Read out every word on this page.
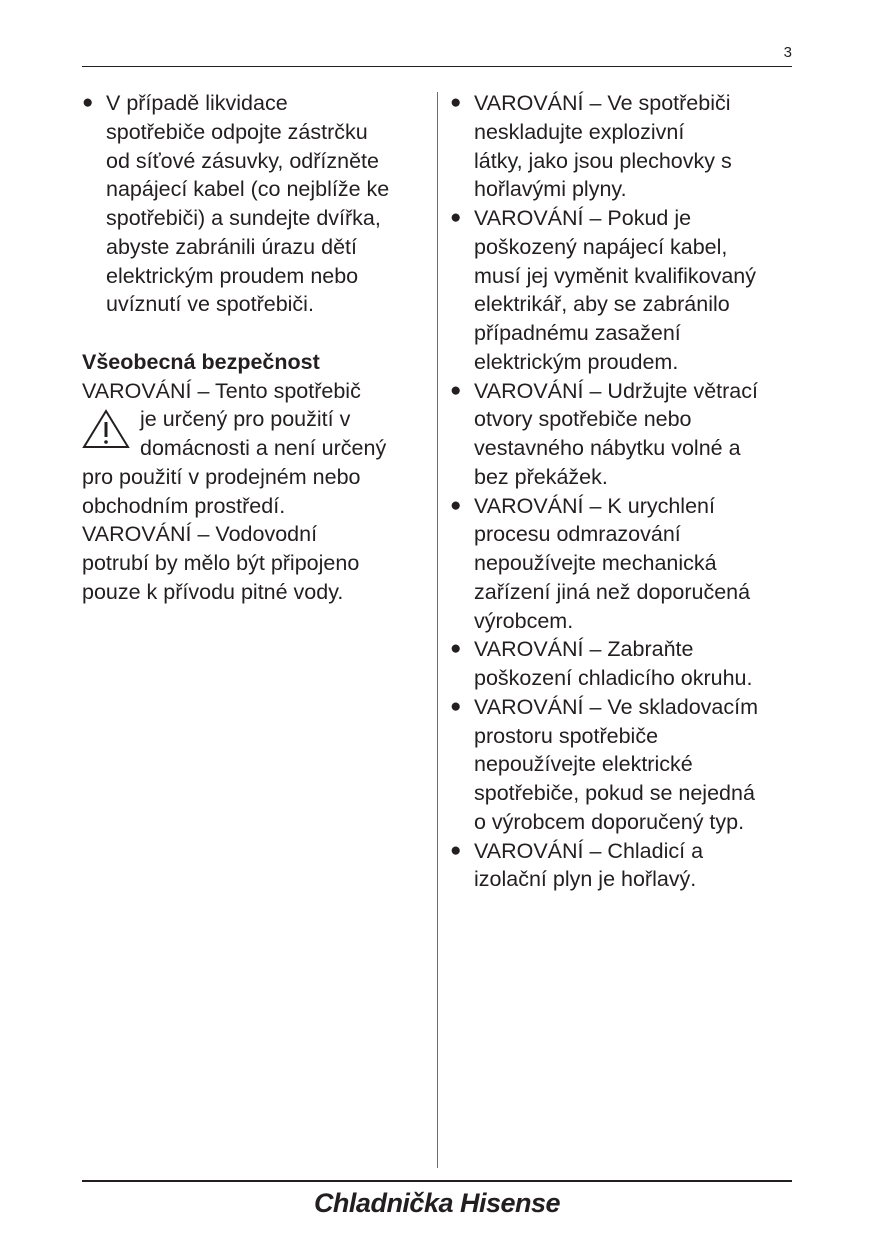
3
● V případě likvidace
spotřebiče odpojte zástrčku
od síťové zásuvky, odřízněte
napájecí kabel (co nejblíže ke
spotřebiči) a sundejte dvířka,
abyste zabránili úrazu dětí
elektrickým proudem nebo
uvíznutí ve spotřebiči.
Všeobecná bezpečnost

VAROVÁNÍ – Tento spotřebič

je určený pro použití v

domácnosti a není určený

pro použití v prodejném nebo

obchodním prostředí.

VAROVÁNÍ – Vodovodní

potrubí by mělo být připojeno

pouze k přívodu pitné vody.

● VAROVÁNÍ – Ve spotřebiči
neskladujte explozivní
látky, jako jsou plechovky s
hořlavými plyny.
● VAROVÁNÍ – Pokud je
poškozený napájecí kabel,
musí jej vyměnit kvalifikovaný
elektrikář, aby se zabránilo
případnému zasažení
elektrickým proudem.
● VAROVÁNÍ – Udržujte větrací
otvory spotřebiče nebo
vestavného nábytku volné a
bez překážek.
● VAROVÁNÍ – K urychlení
procesu odmrazování
nepoužívejte mechanická
zařízení jiná než doporučená
výrobcem.
● VAROVÁNÍ – Zabraňte
poškození chladicího okruhu.
● VAROVÁNÍ – Ve skladovacím
prostoru spotřebiče
nepoužívejte elektrické
spotřebiče, pokud se nejedná
o výrobcem doporučený typ.
● VAROVÁNÍ – Chladicí a
izolační plyn je hořlavý.
Chladnička Hisense
